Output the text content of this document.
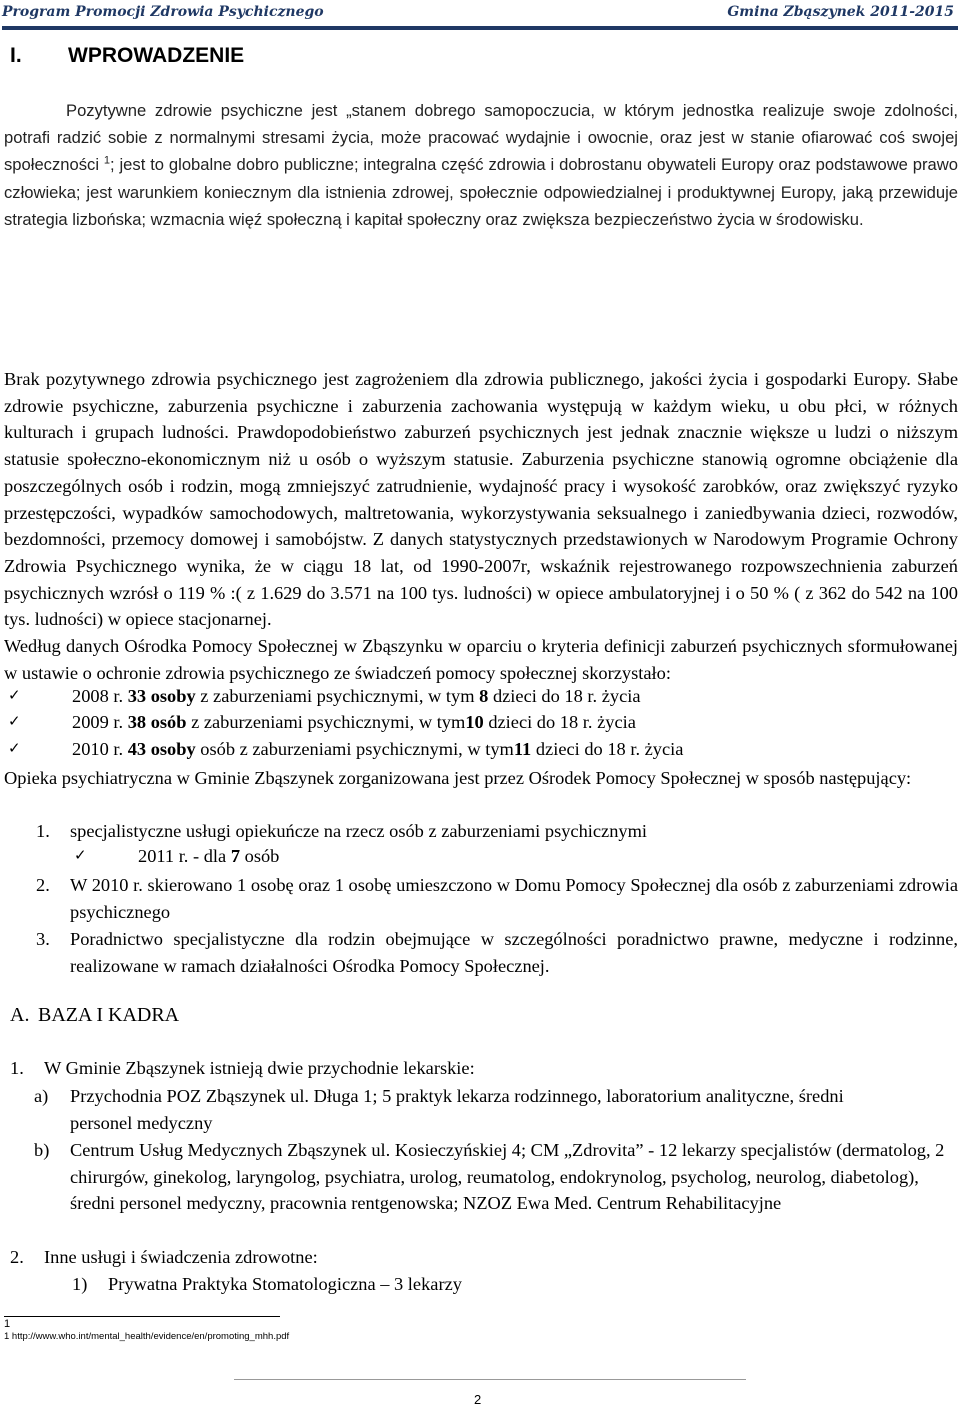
Program Promocji Zdrowia Psychicznego	Gmina Zbąszynek 2011-2015
I. WPROWADZENIE
Pozytywne zdrowie psychiczne jest „stanem dobrego samopoczucia, w którym jednostka realizuje swoje zdolności, potrafi radzić sobie z normalnymi stresami życia, może pracować wydajnie i owocnie, oraz jest w stanie ofiarować coś swojej społeczności $^1$; jest to globalne dobro publiczne; integralna część zdrowia i dobrostanu obywateli Europy oraz podstawowe prawo człowieka; jest warunkiem koniecznym dla istnienia zdrowej, społecznie odpowiedzialnej i produktywnej Europy, jaką przewiduje strategia lizbońska; wzmacnia więź społeczną i kapitał społeczny oraz zwiększa bezpieczeństwo życia w środowisku.

Brak pozytywnego zdrowia psychicznego jest zagrożeniem dla zdrowia publicznego, jakości życia i gospodarki Europy. Słabe zdrowie psychiczne, zaburzenia psychiczne i zaburzenia zachowania występują w każdym wieku, u obu płci, w różnych kulturach i grupach ludności. Prawdopodobieństwo zaburzeń psychicznych jest jednak znacznie większe u ludzi o niższym statusie społeczno-ekonomicznym niż u osób o wyższym statusie. Zaburzenia psychiczne stanowią ogromne obciążenie dla poszczególnych osób i rodzin, mogą zmniejszyć zatrudnienie, wydajność pracy i wysokość zarobków, oraz zwiększyć ryzyko przestępczości, wypadków samochodowych, maltretowania, wykorzystywania seksualnego i zaniedbywania dzieci, rozwodów, bezdomności, przemocy domowej i samobójstw. Z danych statystycznych przedstawionych w Narodowym Programie Ochrony Zdrowia Psychicznego wynika, że w ciągu 18 lat, od 1990-2007r, wskaźnik rejestrowanego rozpowszechnienia zaburzeń psychicznych wzrósł o 119 % :( z 1.629 do 3.571 na 100 tys. ludności) w opiece ambulatoryjnej i o 50 % ( z 362 do 542 na 100 tys. ludności) w opiece stacjonarnej.

Według danych Ośrodka Pomocy Społecznej w Zbąszynku w oparciu o kryteria definicji zaburzeń psychicznych sformułowanej w ustawie o ochronie zdrowia psychicznego ze świadczeń pomocy społecznej skorzystało:

✓	2008 r. 33 osoby z zaburzeniami psychicznymi, w tym 8 dzieci do 18 r. życia
✓	2009 r. 38 osób z zaburzeniami psychicznymi, w tym10 dzieci do 18 r. życia
✓	2010 r. 43 osoby osób z zaburzeniami psychicznymi, w tym11 dzieci do 18 r. życia
Opieka psychiatryczna w Gminie Zbąszynek zorganizowana jest przez Ośrodek Pomocy Społecznej w sposób następujący:
1. specjalistyczne usługi opiekuńcze na rzecz osób z zaburzeniami psychicznymi
✓	2011 r. - dla 7 osób
2. W 2010 r. skierowano 1 osobę oraz 1 osobę umieszczono w Domu Pomocy Społecznej dla osób z zaburzeniami zdrowia psychicznego
3. Poradnictwo specjalistyczne dla rodzin obejmujące w szczególności poradnictwo prawne, medyczne i rodzinne, realizowane w ramach działalności Ośrodka Pomocy Społecznej.
A. BAZA I KADRA
1. W Gminie Zbąszynek istnieją dwie przychodnie lekarskie:
a) Przychodnia POZ Zbąszynek ul. Długa 1; 5 praktyk lekarza rodzinnego, laboratorium analityczne, średni personel medyczny
b) Centrum Usług Medycznych Zbąszynek ul. Kosieczyńskiej 4; CM „Zdrovita” - 12 lekarzy specjalistów (dermatolog, 2 chirurgów, ginekolog, laryngolog, psychiatra, urolog, reumatolog, endokrynolog, psycholog, neurolog, diabetolog), średni personel medyczny, pracownia rentgenowska; NZOZ Ewa Med. Centrum Rehabilitacyjne
2. Inne usługi i świadczenia zdrowotne:
1) Prywatna Praktyka Stomatologiczna – 3 lekarzy
1
1 http://www.who.int/mental_health/evidence/en/promoting_mhh.pdf
2
